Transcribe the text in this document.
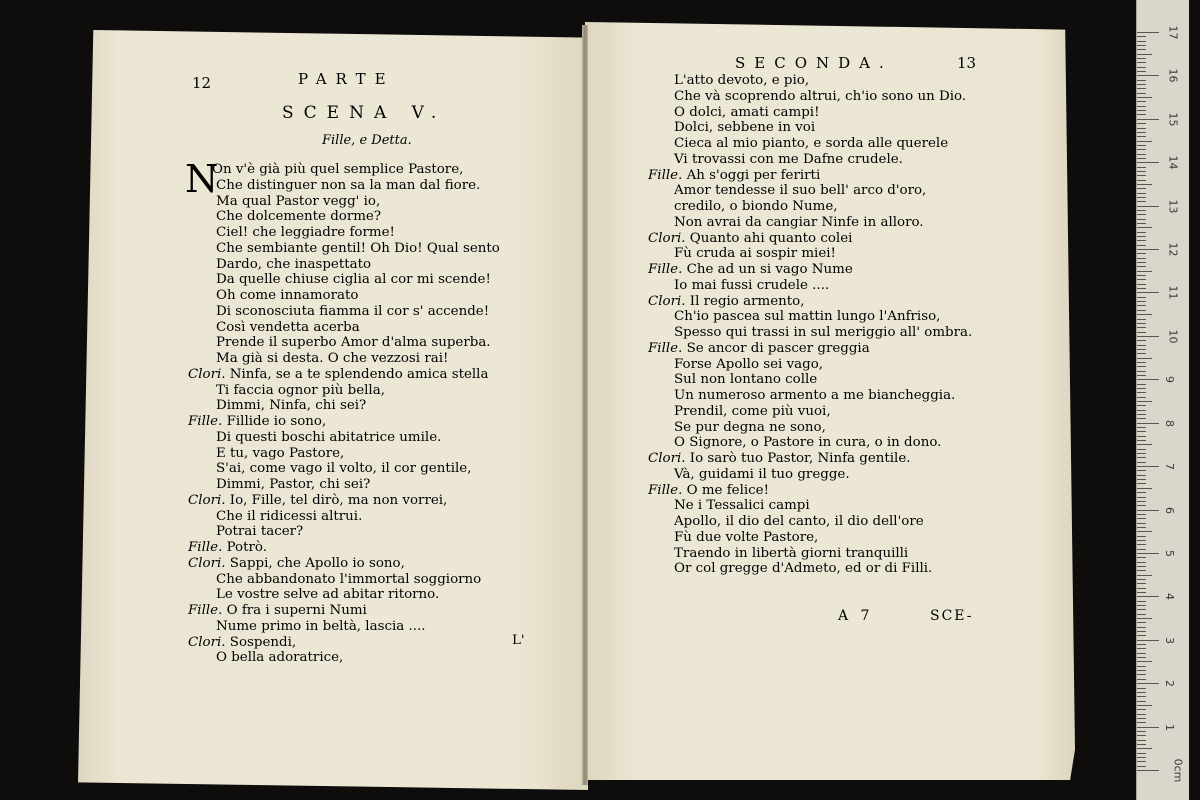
12	PARTE
SCENA V.
Fille, e Detta.
N
On v'è già più quel semplice Pastore,
Che distinguer non sa la man dal fiore.
Ma qual Pastor vegg' io,
Che dolcemente dorme?
Ciel! che leggiadre forme!
Che sembiante gentil! Oh Dio! Qual sento
Dardo, che inaspettato
Da quelle chiuse ciglia al cor mi scende!
Oh come innamorato
Di sconosciuta fiamma il cor s' accende!
Così vendetta acerba
Prende il superbo Amor d'alma superba.
Ma già si desta. O che vezzosi rai!
Clori. Ninfa, se a te splendendo amica stella
Ti faccia ognor più bella,
Dimmi, Ninfa, chi sei?
Fille. Fillide io sono,
Di questi boschi abitatrice umile.
E tu, vago Pastore,
S'ai, come vago il volto, il cor gentile,
Dimmi, Pastor, chi sei?
Clori. Io, Fille, tel dirò, ma non vorrei,
Che il ridicessi altrui.
Potrai tacer?
Fille. Potrò.
Clori. Sappi, che Apollo io sono,
Che abbandonato l'immortal soggiorno
Le vostre selve ad abitar ritorno.
Fille. O fra i superni Numi
Nume primo in beltà, lascia ....
Clori. Sospendi,
O bella adoratrice,
L'
SECONDA.	13
L'atto devoto, e pio,
Che và scoprendo altrui, ch'io sono un Dio.
O dolci, amati campi!
Dolci, sebbene in voi
Cieca al mio pianto, e sorda alle querele
Vi trovassi con me Dafne crudele.
Fille. Ah s'oggi per ferirti
Amor tendesse il suo bell' arco d'oro,
credilo, o biondo Nume,
Non avrai da cangiar Ninfe in alloro.
Clori. Quanto ahi quanto colei
Fù cruda ai sospir miei!
Fille. Che ad un si vago Nume
Io mai fussi crudele ....
Clori. Il regio armento,
Ch'io pascea sul mattin lungo l'Anfriso,
Spesso qui trassi in sul meriggio all' ombra.
Fille. Se ancor di pascer greggia
Forse Apollo sei vago,
Sul non lontano colle
Un numeroso armento a me biancheggia.
Prendil, come più vuoi,
Se pur degna ne sono,
O Signore, o Pastore in cura, o in dono.
Clori. Io sarò tuo Pastor, Ninfa gentile.
Và, guidami il tuo gregge.
Fille. O me felice!
Ne i Tessalici campi
Apollo, il dio del canto, il dio dell'ore
Fù due volte Pastore,
Traendo in libertà giorni tranquilli
Or col gregge d'Admeto, ed or di Filli.
A 7	SCE-
17
16
15
14
13
12
11
10
9
8
7
6
5
4
3
2
1
0cm
